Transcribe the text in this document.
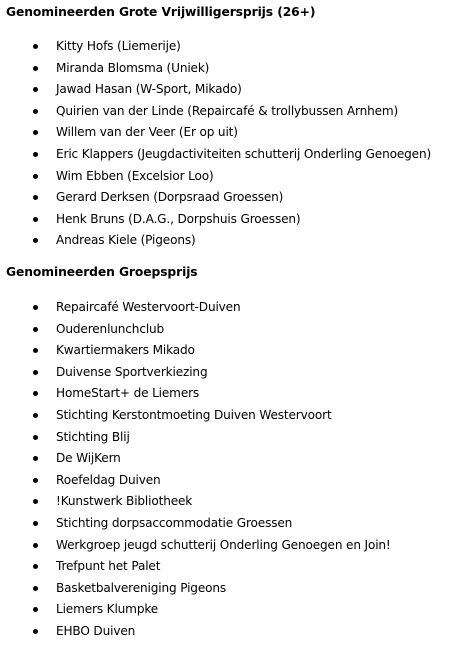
Genomineerden Grote Vrijwilligersprijs (26+)
Kitty Hofs (Liemerije)
Miranda Blomsma (Uniek)
Jawad Hasan (W-Sport, Mikado)
Quirien van der Linde (Repaircafé & trollybussen Arnhem)
Willem van der Veer (Er op uit)
Eric Klappers (Jeugdactiviteiten schutterij Onderling Genoegen)
Wim Ebben (Excelsior Loo)
Gerard Derksen (Dorpsraad Groessen)
Henk Bruns (D.A.G., Dorpshuis Groessen)
Andreas Kiele (Pigeons)
Genomineerden Groepsprijs
Repaircafé Westervoort-Duiven
Ouderenlunchclub
Kwartiermakers Mikado
Duivense Sportverkiezing
HomeStart+ de Liemers
Stichting Kerstontmoeting Duiven Westervoort
Stichting Blij
De WijKern
Roefeldag Duiven
!Kunstwerk Bibliotheek
Stichting dorpsaccommodatie Groessen
Werkgroep jeugd schutterij Onderling Genoegen en Join!
Trefpunt het Palet
Basketbalvereniging Pigeons
Liemers Klumpke
EHBO Duiven
